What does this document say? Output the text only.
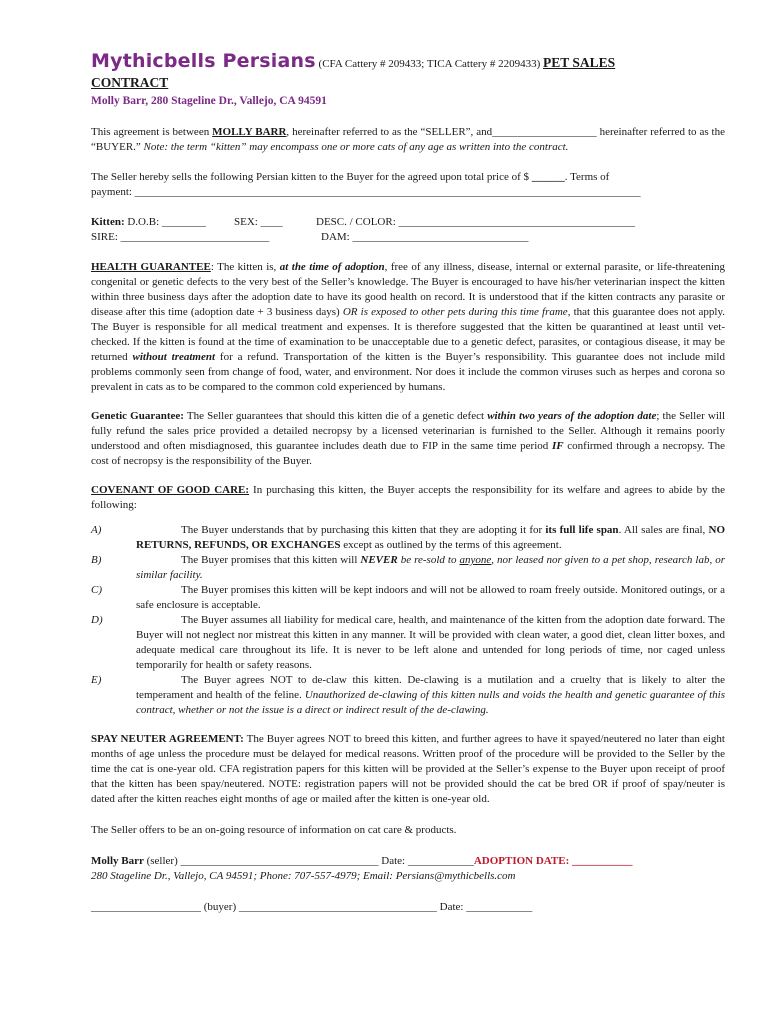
Mythicbells Persians (CFA Cattery # 209433; TICA Cattery # 2209433) PET SALES
CONTRACT
Molly Barr, 280 Stageline Dr., Vallejo, CA 94591
This agreement is between MOLLY BARR, hereinafter referred to as the “SELLER”, and___________________ hereinafter referred to as the “BUYER.” Note: the term “kitten” may encompass one or more cats of any age as written into the contract.
The Seller hereby sells the following Persian kitten to the Buyer for the agreed upon total price of $ ______. Terms of
payment: ____________________________________________________________________________________________
Kitten: D.O.B: ________	SEX: ____	DESC. / COLOR: ___________________________________________
SIRE: ___________________________	DAM: ________________________________
HEALTH GUARANTEE: The kitten is, at the time of adoption, free of any illness, disease, internal or external parasite, or life-threatening congenital or genetic defects to the very best of the Seller’s knowledge. The Buyer is encouraged to have his/her veterinarian inspect the kitten within three business days after the adoption date to have its good health on record. It is understood that if the kitten contracts any parasite or disease after this time (adoption date + 3 business days) OR is exposed to other pets during this time frame, that this guarantee does not apply. The Buyer is responsible for all medical treatment and expenses. It is therefore suggested that the kitten be quarantined at least until vet-checked. If the kitten is found at the time of examination to be unacceptable due to a genetic defect, parasites, or contagious disease, it may be returned without treatment for a refund. Transportation of the kitten is the Buyer’s responsibility. This guarantee does not include mild problems commonly seen from change of food, water, and environment. Nor does it include the common viruses such as herpes and corona so prevalent in cats as to be compared to the common cold experienced by humans.
Genetic Guarantee: The Seller guarantees that should this kitten die of a genetic defect within two years of the adoption date; the Seller will fully refund the sales price provided a detailed necropsy by a licensed veterinarian is furnished to the Seller. Although it remains poorly understood and often misdiagnosed, this guarantee includes death due to FIP in the same time period IF confirmed through a necropsy. The cost of necropsy is the responsibility of the Buyer.
COVENANT OF GOOD CARE: In purchasing this kitten, the Buyer accepts the responsibility for its welfare and agrees to abide by the following:
A)	The Buyer understands that by purchasing this kitten that they are adopting it for its full life span. All sales are final, NO RETURNS, REFUNDS, OR EXCHANGES except as outlined by the terms of this agreement.
B)	The Buyer promises that this kitten will NEVER be re-sold to anyone, nor leased nor given to a pet shop, research lab, or similar facility.
C)	The Buyer promises this kitten will be kept indoors and will not be allowed to roam freely outside. Monitored outings, or a safe enclosure is acceptable.
D)	The Buyer assumes all liability for medical care, health, and maintenance of the kitten from the adoption date forward. The Buyer will not neglect nor mistreat this kitten in any manner. It will be provided with clean water, a good diet, clean litter boxes, and adequate medical care throughout its life. It is never to be left alone and untended for long periods of time, nor caged unless temporarily for health or safety reasons.
E)	The Buyer agrees NOT to de-claw this kitten. De-clawing is a mutilation and a cruelty that is likely to alter the temperament and health of the feline. Unauthorized de-clawing of this kitten nulls and voids the health and genetic guarantee of this contract, whether or not the issue is a direct or indirect result of the de-clawing.
SPAY NEUTER AGREEMENT: The Buyer agrees NOT to breed this kitten, and further agrees to have it spayed/neutered no later than eight months of age unless the procedure must be delayed for medical reasons. Written proof of the procedure will be provided to the Seller by the time the cat is one-year old. CFA registration papers for this kitten will be provided at the Seller’s expense to the Buyer upon receipt of proof that the kitten has been spay/neutered. NOTE: registration papers will not be provided should the cat be bred OR if proof of spay/neuter is dated after the kitten reaches eight months of age or mailed after the kitten is one-year old.
The Seller offers to be an on-going resource of information on cat care & products.
Molly Barr (seller) ____________________________________ Date: ____________ADOPTION DATE: ___________
280 Stageline Dr., Vallejo, CA 94591; Phone: 707-557-4979; Email: Persians@mythicbells.com
____________________ (buyer) ____________________________________ Date: ____________
